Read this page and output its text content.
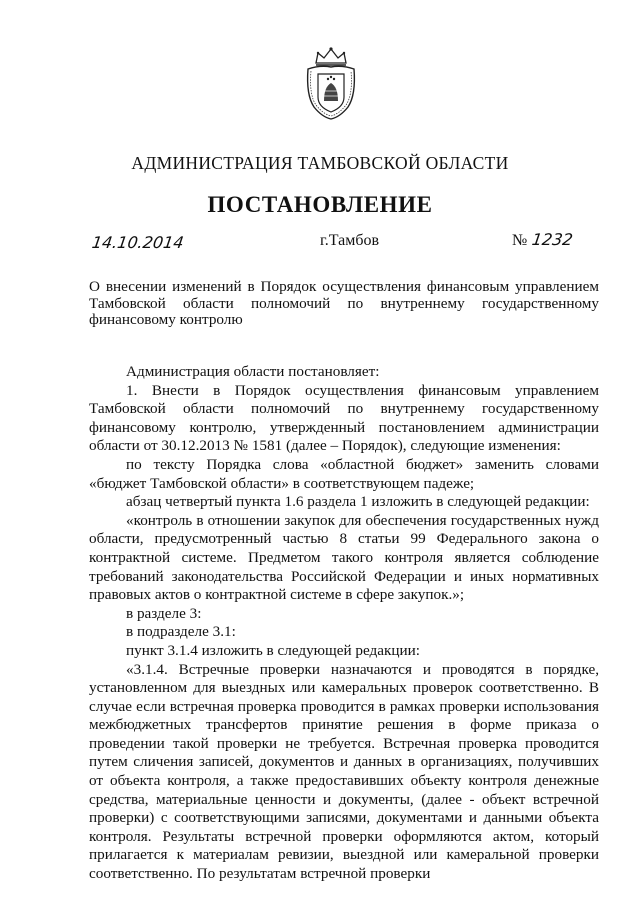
АДМИНИСТРАЦИЯ ТАМБОВСКОЙ ОБЛАСТИ
ПОСТАНОВЛЕНИЕ
14.10.2014	г.Тамбов	№ 1232
О внесении изменений в Порядок осуществления финансовым управлением
Тамбовской области полномочий по внутреннему государственному
финансовому контролю

Администрация области постановляет:

1. Внести в Порядок осуществления финансовым управлением Тамбовской области полномочий по внутреннему государственному финансовому контролю, утвержденный постановлением администрации области от 30.12.2013 № 1581 (далее – Порядок), следующие изменения:

по тексту Порядка слова «областной бюджет» заменить словами «бюджет Тамбовской области» в соответствующем падеже;

абзац четвертый пункта 1.6 раздела 1 изложить в следующей редакции:

«контроль в отношении закупок для обеспечения государственных нужд области, предусмотренный частью 8 статьи 99 Федерального закона о контрактной системе. Предметом такого контроля является соблюдение требований законодательства Российской Федерации и иных нормативных правовых актов о контрактной системе в сфере закупок.»;

в разделе 3:

в подразделе 3.1:

пункт 3.1.4 изложить в следующей редакции:

«3.1.4. Встречные проверки назначаются и проводятся в порядке, установленном для выездных или камеральных проверок соответственно. В случае если встречная проверка проводится в рамках проверки использования межбюджетных трансфертов принятие решения в форме приказа о проведении такой проверки не требуется. Встречная проверка проводится путем сличения записей, документов и данных в организациях, получивших от объекта контроля, а также предоставивших объекту контроля денежные средства, материальные ценности и документы, (далее - объект встречной проверки) с соответствующими записями, документами и данными объекта контроля. Результаты встречной проверки оформляются актом, который прилагается к материалам ревизии, выездной или камеральной проверки соответственно. По результатам встречной проверки
